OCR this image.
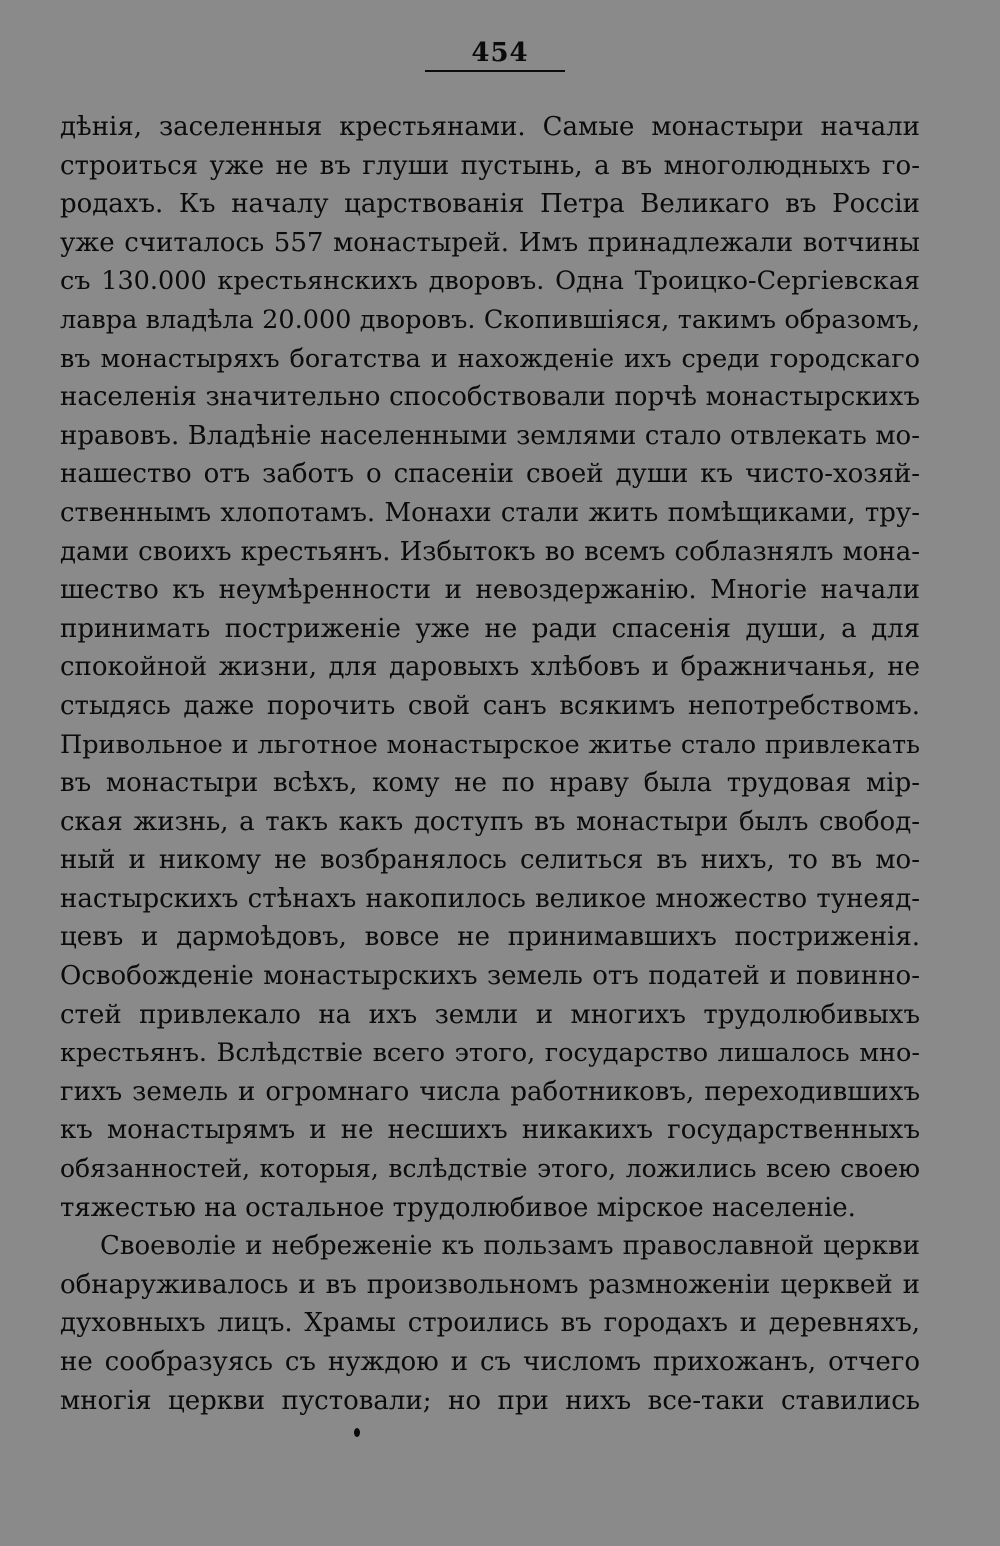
454
дѣнія, заселенныя крестьянами. Самые монастыри начали
строиться уже не въ глуши пустынь, а въ многолюдныхъ го-
родахъ. Къ началу царствованія Петра Великаго въ Россіи
уже считалось 557 монастырей. Имъ принадлежали вотчины
съ 130.000 крестьянскихъ дворовъ. Одна Троицко-Сергіевская
лавра владѣла 20.000 дворовъ. Скопившіяся, такимъ образомъ,
въ монастыряхъ богатства и нахожденіе ихъ среди городскаго
населенія значительно способствовали порчѣ монастырскихъ
нравовъ. Владѣніе населенными землями стало отвлекать мо-
нашество отъ заботъ о спасеніи своей души къ чисто-хозяй-
ственнымъ хлопотамъ. Монахи стали жить помѣщиками, тру-
дами своихъ крестьянъ. Избытокъ во всемъ соблазнялъ мона-
шество къ неумѣренности и невоздержанію. Многіе начали
принимать постриженіе уже не ради спасенія души, а для
спокойной жизни, для даровыхъ хлѣбовъ и бражничанья, не
стыдясь даже порочить свой санъ всякимъ непотребствомъ.
Привольное и льготное монастырское житье стало привлекать
въ монастыри всѣхъ, кому не по нраву была трудовая мір-
ская жизнь, а такъ какъ доступъ въ монастыри былъ свобод-
ный и никому не возбранялось селиться въ нихъ, то въ мо-
настырскихъ стѣнахъ накопилось великое множество тунеяд-
цевъ и дармоѣдовъ, вовсе не принимавшихъ постриженія.
Освобожденіе монастырскихъ земель отъ податей и повинно-
стей привлекало на ихъ земли и многихъ трудолюбивыхъ
крестьянъ. Вслѣдствіе всего этого, государство лишалось мно-
гихъ земель и огромнаго числа работниковъ, переходившихъ
къ монастырямъ и не несшихъ никакихъ государственныхъ
обязанностей, которыя, вслѣдствіе этого, ложились всею своею
тяжестью на остальное трудолюбивое мірское населеніе.
Своеволіе и небреженіе къ пользамъ православной церкви
обнаруживалось и въ произвольномъ размноженіи церквей и
духовныхъ лицъ. Храмы строились въ городахъ и деревняхъ,
не сообразуясь съ нуждою и съ числомъ прихожанъ, отчего
многія церкви пустовали; но при нихъ все-таки ставились
